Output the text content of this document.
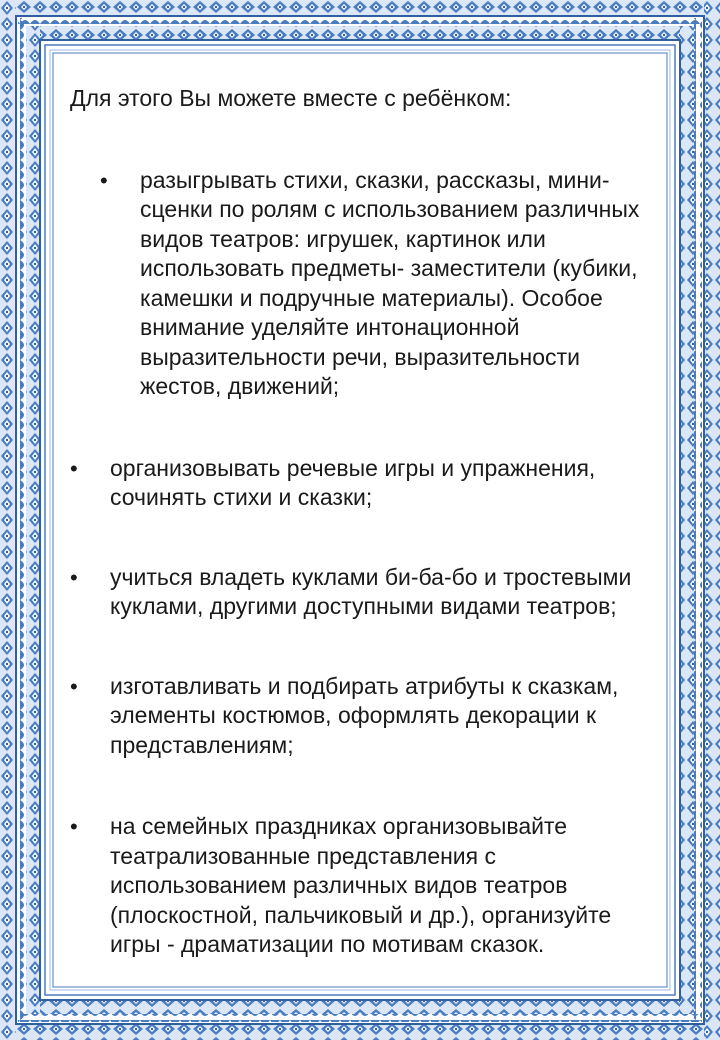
Для этого Вы можете вместе с ребёнком:

• разыгрывать стихи, сказки, рассказы, мини-сценки по ролям с использованием различных видов театров: игрушек, картинок или использовать предметы- заместители (кубики, камешки и подручные материалы). Особое внимание уделяйте интонационной выразительности речи, выразительности жестов, движений;
• организовывать речевые игры и упражнения, сочинять стихи и сказки;
• учиться владеть куклами би-ба-бо и тростевыми куклами, другими доступными видами театров;
• изготавливать и подбирать атрибуты к сказкам, элементы костюмов, оформлять декорации к представлениям;
• на семейных праздниках организовывайте театрализованные представления с использованием различных видов театров (плоскостной, пальчиковый и др.), организуйте игры - драматизации по мотивам сказок.
